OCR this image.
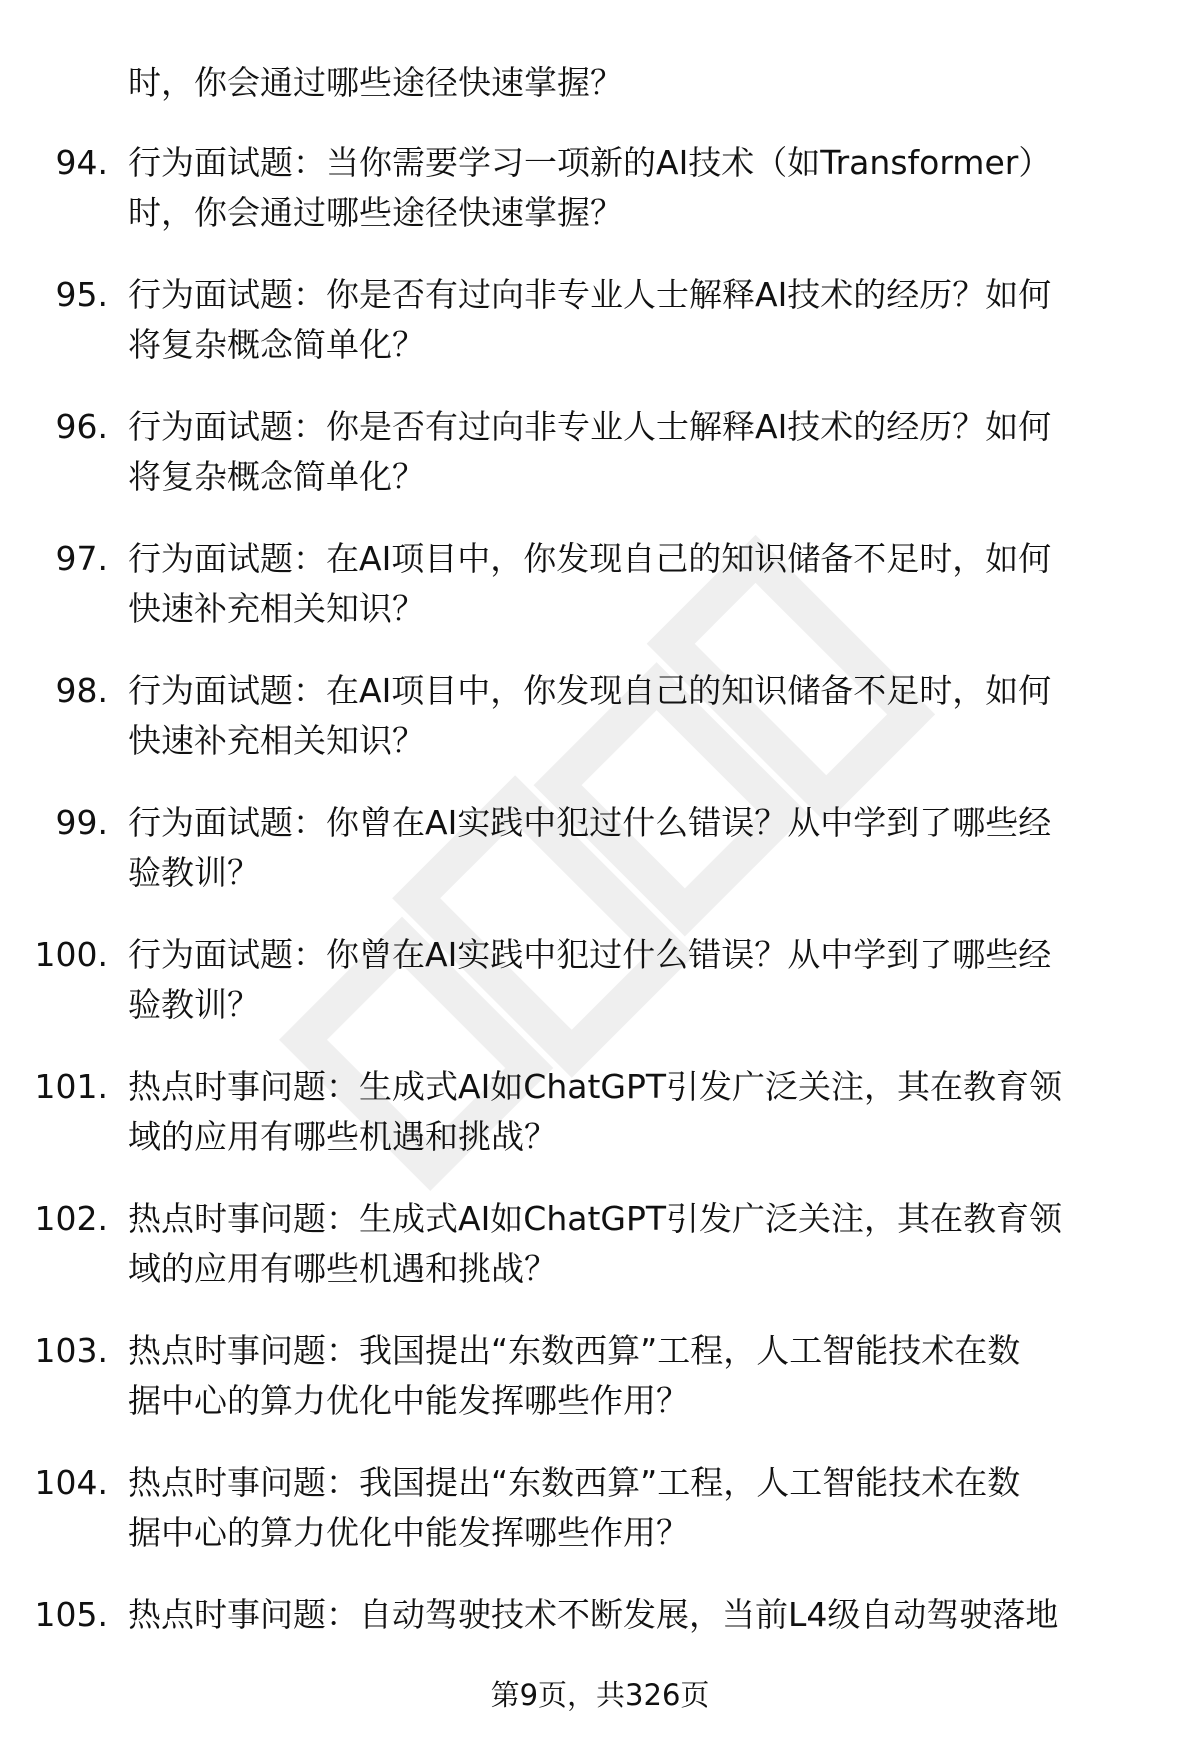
时，你会通过哪些途径快速掌握？
94. 行为面试题：当你需要学习一项新的AI技术（如Transformer）
时，你会通过哪些途径快速掌握？
95. 行为面试题：你是否有过向非专业人士解释AI技术的经历？如何
将复杂概念简单化？
96. 行为面试题：你是否有过向非专业人士解释AI技术的经历？如何
将复杂概念简单化？
97. 行为面试题：在AI项目中，你发现自己的知识储备不足时，如何
快速补充相关知识？
98. 行为面试题：在AI项目中，你发现自己的知识储备不足时，如何
快速补充相关知识？
99. 行为面试题：你曾在AI实践中犯过什么错误？从中学到了哪些经
验教训？
100. 行为面试题：你曾在AI实践中犯过什么错误？从中学到了哪些经
验教训？
101. 热点时事问题：生成式AI如ChatGPT引发广泛关注，其在教育领
域的应用有哪些机遇和挑战？
102. 热点时事问题：生成式AI如ChatGPT引发广泛关注，其在教育领
域的应用有哪些机遇和挑战？
103. 热点时事问题：我国提出“东数西算”工程，人工智能技术在数
据中心的算力优化中能发挥哪些作用？
104. 热点时事问题：我国提出“东数西算”工程，人工智能技术在数
据中心的算力优化中能发挥哪些作用？
105. 热点时事问题：自动驾驶技术不断发展，当前L4级自动驾驶落地
第9页，共326页
